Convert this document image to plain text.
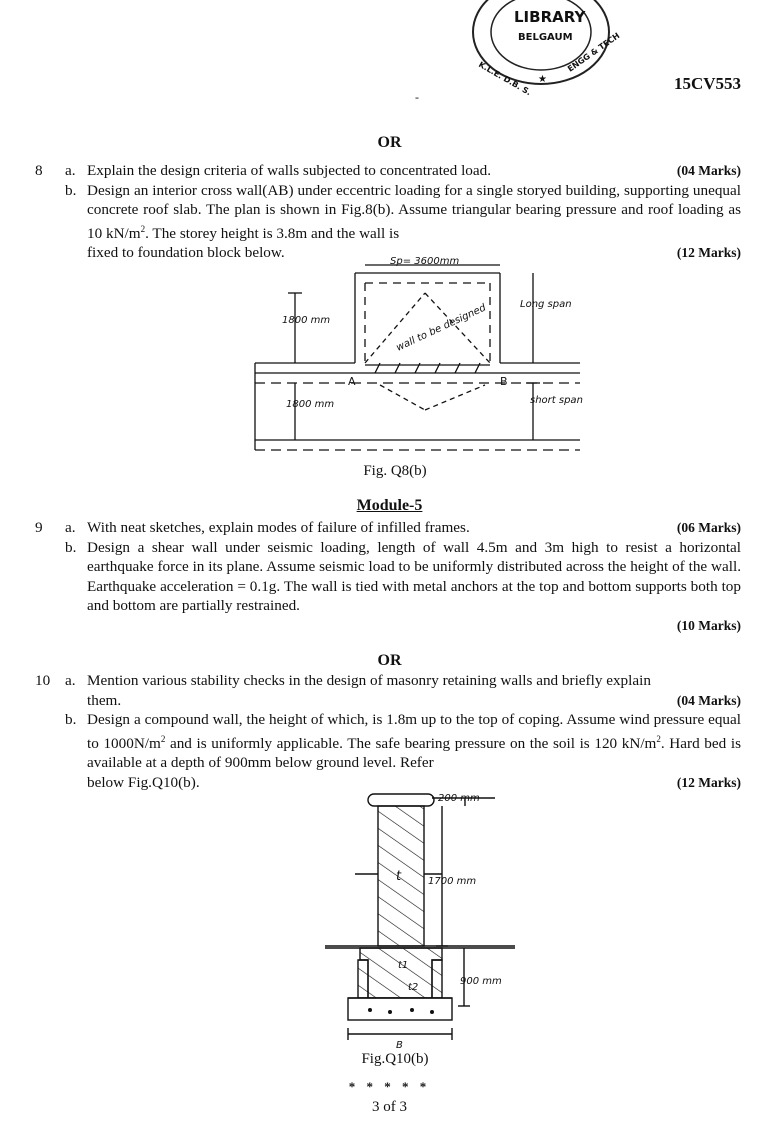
LIBRARY
BELGAUM
K.L.E. D.B. S.
ENGG & TECH
★	15CV553
-
OR
8	a. Explain the design criteria of walls subjected to concentrated load.	(04 Marks)
b. Design an interior cross wall(AB) under eccentric loading for a single storyed building, supporting unequal concrete roof slab. The plan is shown in Fig.8(b). Assume triangular bearing pressure and roof loading as 10 $kN/m^2$. The storey height is 3.8m and the wall is
fixed to foundation block below.	(12 Marks)
Sp= 3600mm
Long span
1800 mm
1800 mm
wall to be designed
A	B
short span
Fig. Q8(b)
Module-5
9	a. With neat sketches, explain modes of failure of infilled frames.	(06 Marks)
b. Design a shear wall under seismic loading, length of wall 4.5m and 3m high to resist a horizontal earthquake force in its plane. Assume seismic load to be uniformly distributed across the height of the wall. Earthquake acceleration = 0.1g. The wall is tied with metal anchors at the top and bottom supports both top and bottom are partially restrained.
(10 Marks)
OR
10 a. Mention various stability checks in the design of masonry retaining walls and briefly explain
them.	(04 Marks)
b. Design a compound wall, the height of which, is 1.8m up to the top of coping. Assume wind pressure equal to $1000N/m^2$ and is uniformly applicable. The safe bearing pressure on the soil is 120 $kN/m^2$. Hard bed is available at a depth of 900mm below ground level. Refer
below Fig.Q10(b).	(12 Marks)
200 mm
t	1700 mm
t1
t2
900 mm
B
Fig.Q10(b)
* * * * *
3 of 3
